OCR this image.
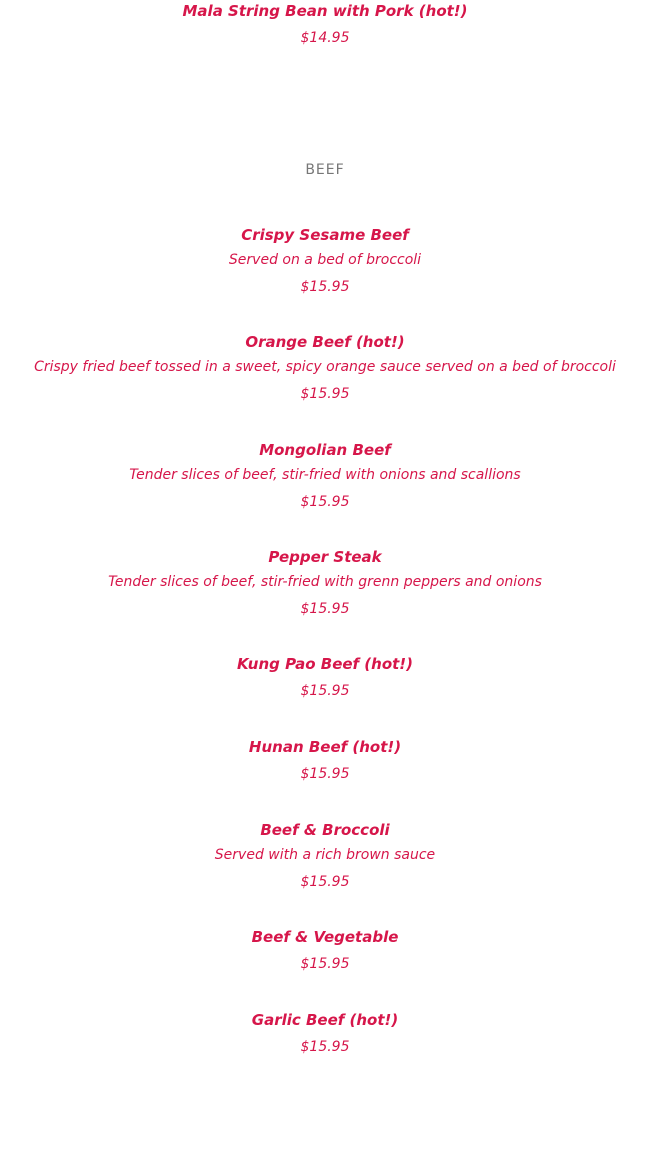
Mala String Bean with Pork (hot!)
$14.95
BEEF
Crispy Sesame Beef
Served on a bed of broccoli
$15.95
Orange Beef (hot!)
Crispy fried beef tossed in a sweet, spicy orange sauce served on a bed of broccoli
$15.95
Mongolian Beef
Tender slices of beef, stir-fried with onions and scallions
$15.95
Pepper Steak
Tender slices of beef, stir-fried with grenn peppers and onions
$15.95
Kung Pao Beef (hot!)
$15.95
Hunan Beef (hot!)
$15.95
Beef & Broccoli
Served with a rich brown sauce
$15.95
Beef & Vegetable
$15.95
Garlic Beef (hot!)
$15.95
